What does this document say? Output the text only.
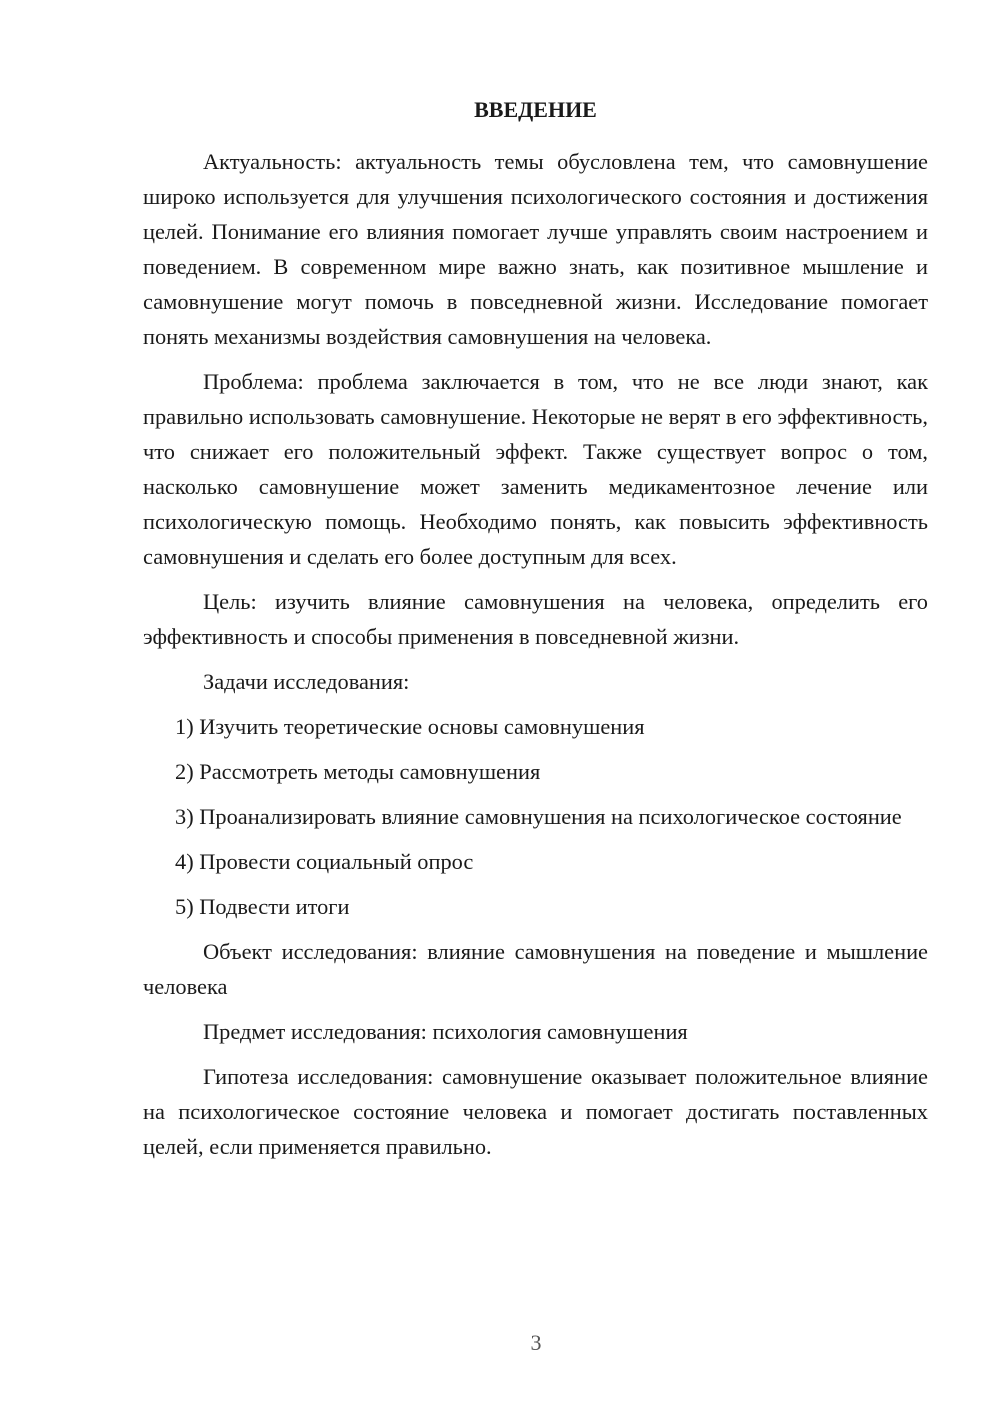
ВВЕДЕНИЕ

Актуальность: актуальность темы обусловлена тем, что самовнушение широко используется для улучшения психологического состояния и достижения целей. Понимание его влияния помогает лучше управлять своим настроением и поведением. В современном мире важно знать, как позитивное мышление и самовнушение могут помочь в повседневной жизни. Исследование помогает понять механизмы воздействия самовнушения на человека.

Проблема: проблема заключается в том, что не все люди знают, как правильно использовать самовнушение. Некоторые не верят в его эффективность, что снижает его положительный эффект. Также существует вопрос о том, насколько самовнушение может заменить медикаментозное лечение или психологическую помощь. Необходимо понять, как повысить эффективность самовнушения и сделать его более доступным для всех.

Цель: изучить влияние самовнушения на человека, определить его эффективность и способы применения в повседневной жизни.

Задачи исследования:

1) Изучить теоретические основы самовнушения
2) Рассмотреть методы самовнушения
3) Проанализировать влияние самовнушения на психологическое состояние
4) Провести социальный опрос
5) Подвести итоги

Объект исследования: влияние самовнушения на поведение и мышление человека

Предмет исследования: психология самовнушения

Гипотеза исследования: самовнушение оказывает положительное влияние на психологическое состояние человека и помогает достигать поставленных целей, если применяется правильно.

3
